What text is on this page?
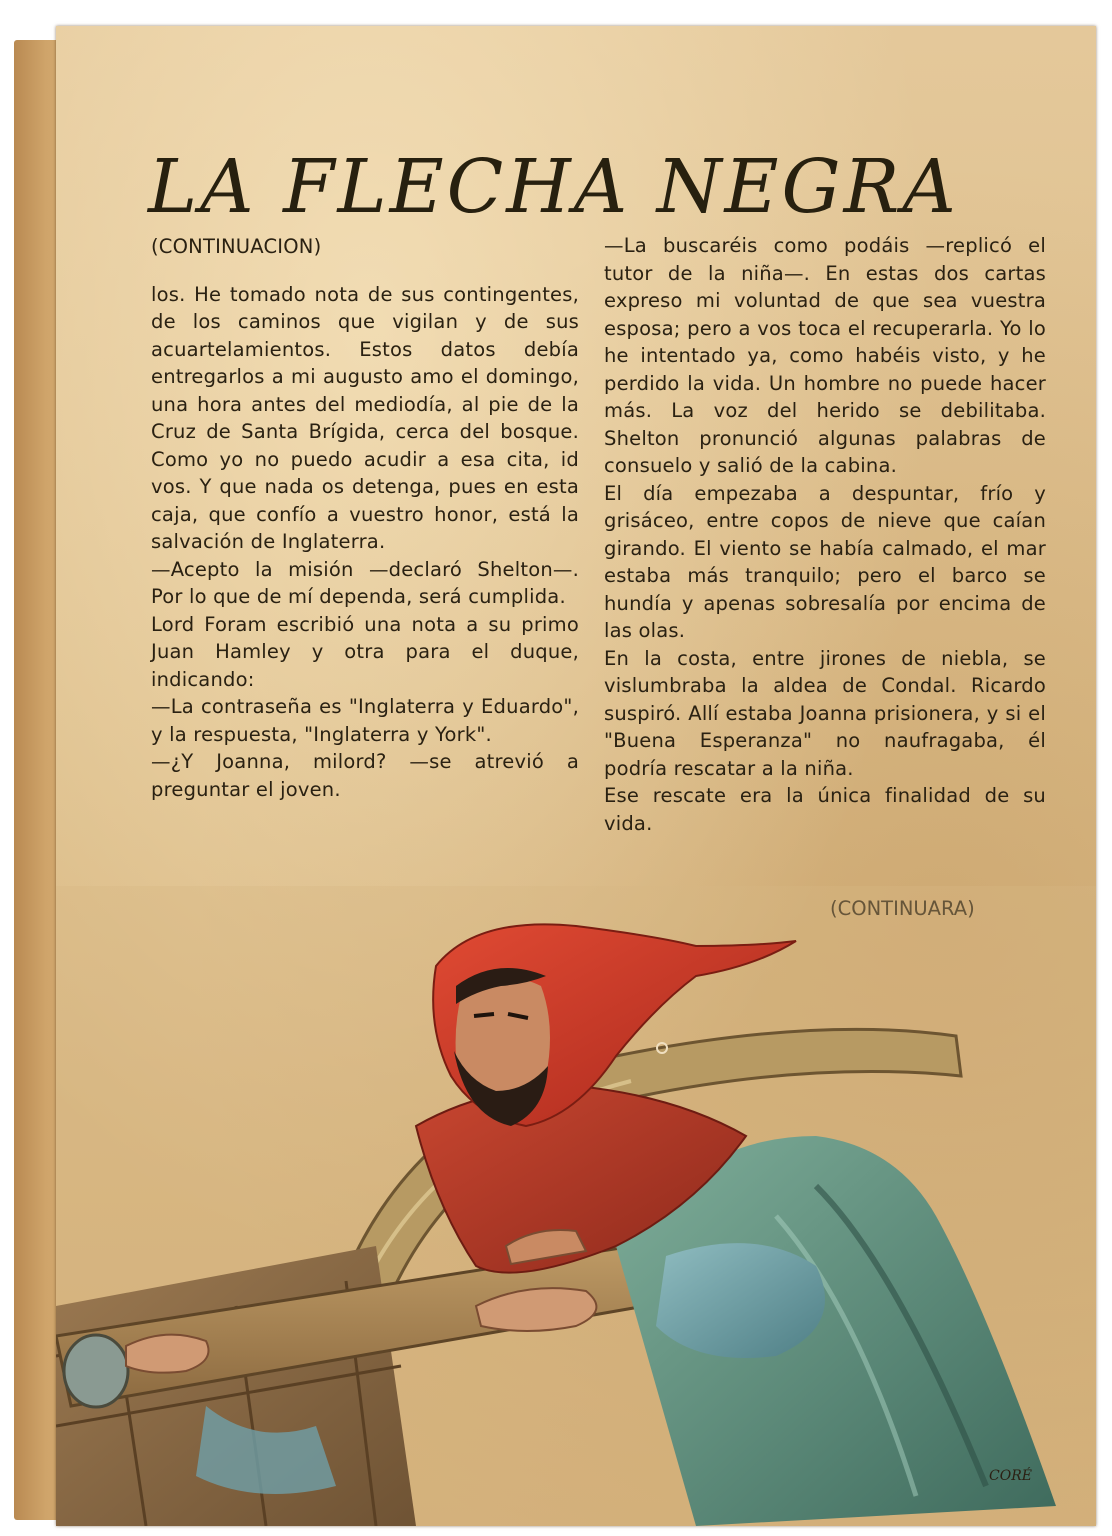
LA FLECHA NEGRA
(CONTINUACION)

los. He tomado nota de sus contingentes, de los caminos que vigilan y de sus acuartelamientos. Estos datos debía entregarlos a mi augusto amo el domingo, una hora antes del mediodía, al pie de la Cruz de Santa Brígida, cerca del bosque. Como yo no puedo acudir a esa cita, id vos. Y que nada os detenga, pues en esta caja, que confío a vuestro honor, está la salvación de Inglaterra.

—Acepto la misión —declaró Shelton—. Por lo que de mí dependa, será cumplida.

Lord Foram escribió una nota a su primo Juan Hamley y otra para el duque, indicando:

—La contraseña es "Inglaterra y Eduardo", y la respuesta, "Inglaterra y York".

—¿Y Joanna, milord? —se atrevió a preguntar el joven.

—La buscaréis como podáis —replicó el tutor de la niña—. En estas dos cartas expreso mi voluntad de que sea vuestra esposa; pero a vos toca el recuperarla. Yo lo he intentado ya, como habéis visto, y he perdido la vida. Un hombre no puede hacer más. La voz del herido se debilitaba. Shelton pronunció algunas palabras de consuelo y salió de la cabina.

El día empezaba a despuntar, frío y grisáceo, entre copos de nieve que caían girando. El viento se había calmado, el mar estaba más tranquilo; pero el barco se hundía y apenas sobresalía por encima de las olas.

En la costa, entre jirones de niebla, se vislumbraba la aldea de Condal. Ricardo suspiró. Allí estaba Joanna prisionera, y si el "Buena Esperanza" no naufragaba, él podría rescatar a la niña.

Ese rescate era la única finalidad de su vida.

(CONTINUARA)
CORÉ
